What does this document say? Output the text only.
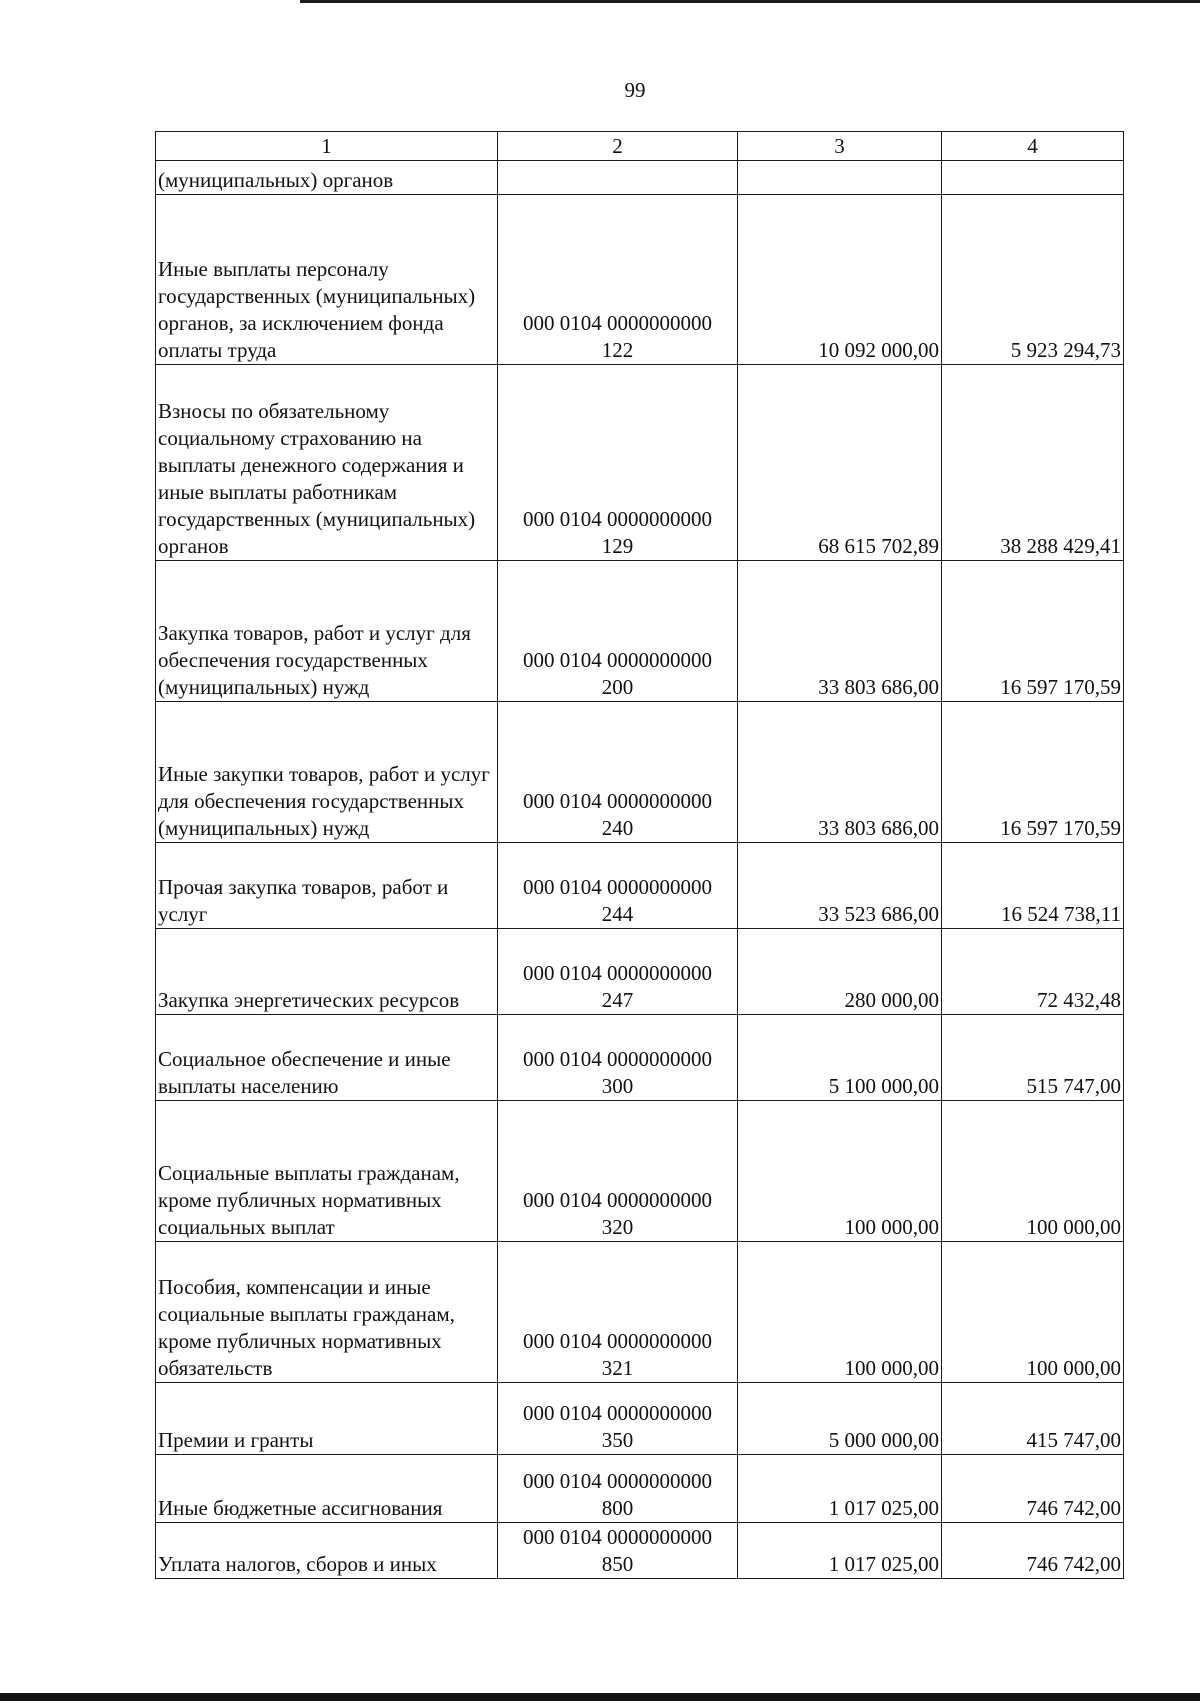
99
1	2	3	4
(муниципальных) органов	

Иные выплаты персоналу государственных (муниципальных) органов, за исключением фонда оплаты труда	000 0104 0000000000
122	10 092 000,00	5 923 294,73
Взносы по обязательному социальному страхованию на выплаты денежного содержания и иные выплаты работникам государственных (муниципальных) органов	000 0104 0000000000
129	68 615 702,89	38 288 429,41
Закупка товаров, работ и услуг для обеспечения государственных (муниципальных) нужд	000 0104 0000000000
200	33 803 686,00	16 597 170,59
Иные закупки товаров, работ и услуг для обеспечения государственных (муниципальных) нужд	000 0104 0000000000
240	33 803 686,00	16 597 170,59
Прочая закупка товаров, работ и услуг	000 0104 0000000000
244	33 523 686,00	16 524 738,11
Закупка энергетических ресурсов	000 0104 0000000000
247	280 000,00	72 432,48
Социальное обеспечение и иные выплаты населению	000 0104 0000000000
300	5 100 000,00	515 747,00
Социальные выплаты гражданам, кроме публичных нормативных социальных выплат	000 0104 0000000000
320	100 000,00	100 000,00
Пособия, компенсации и иные социальные выплаты гражданам, кроме публичных нормативных обязательств	000 0104 0000000000
321	100 000,00	100 000,00
Премии и гранты	000 0104 0000000000
350	5 000 000,00	415 747,00
Иные бюджетные ассигнования	000 0104 0000000000
800	1 017 025,00	746 742,00
Уплата налогов, сборов и иных	000 0104 0000000000
850	1 017 025,00	746 742,00
